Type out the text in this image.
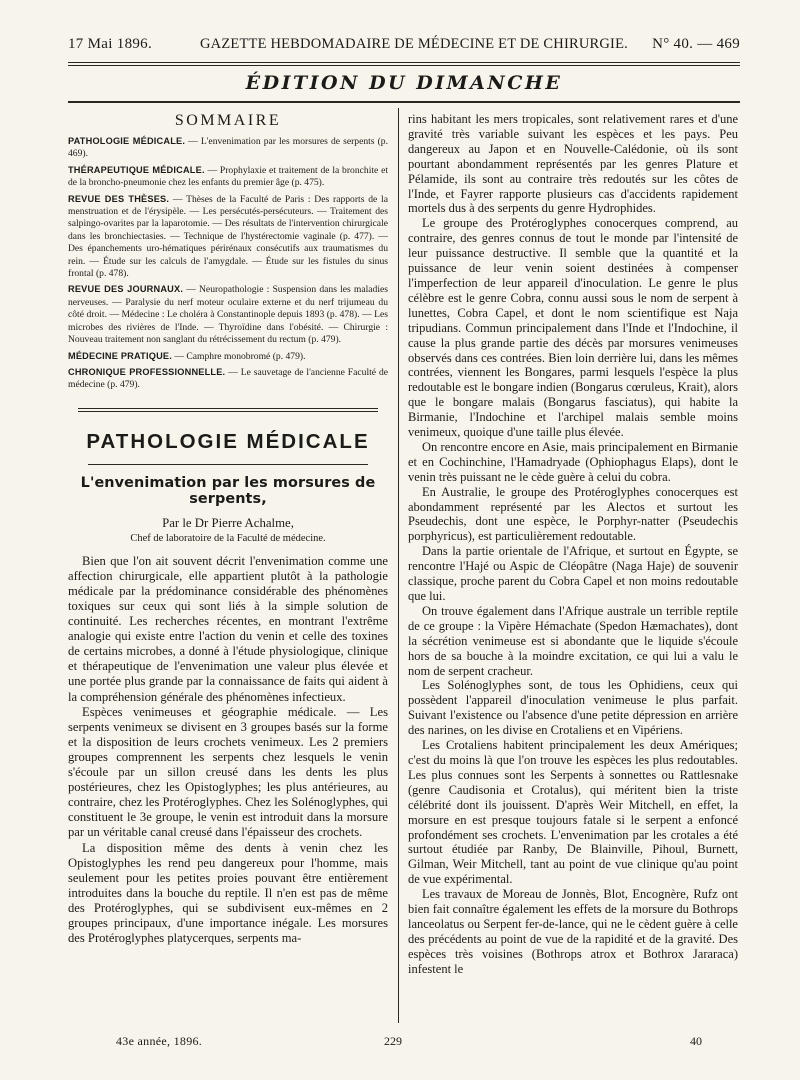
17 Mai 1896.	GAZETTE HEBDOMADAIRE DE MÉDECINE ET DE CHIRURGIE. N° 40. — 469
ÉDITION DU DIMANCHE
SOMMAIRE
PATHOLOGIE MÉDICALE. — L'envenimation par les morsures de serpents (p. 469).
THÉRAPEUTIQUE MÉDICALE. — Prophylaxie et traitement de la bronchite et de la broncho-pneumonie chez les enfants du premier âge (p. 475).
REVUE DES THÈSES. — Thèses de la Faculté de Paris : Des rapports de la menstruation et de l'érysipèle. — Les persécutés-persécuteurs. — Traitement des salpingo-ovarites par la laparotomie. — Des résultats de l'intervention chirurgicale dans les bronchiectasies. — Technique de l'hystérectomie vaginale (p. 477). — Des épanchements uro-hématiques périrénaux consécutifs aux traumatismes du rein. — Étude sur les calculs de l'amygdale. — Étude sur les fistules du sinus frontal (p. 478).
REVUE DES JOURNAUX. — Neuropathologie : Suspension dans les maladies nerveuses. — Paralysie du nerf moteur oculaire externe et du nerf trijumeau du côté droit. — Médecine : Le choléra à Constantinople depuis 1893 (p. 478). — Les microbes des rivières de l'Inde. — Thyroïdine dans l'obésité. — Chirurgie : Nouveau traitement non sanglant du rétrécissement du rectum (p. 479).
MÉDECINE PRATIQUE. — Camphre monobromé (p. 479).
CHRONIQUE PROFESSIONNELLE. — Le sauvetage de l'ancienne Faculté de médecine (p. 479).
PATHOLOGIE MÉDICALE
L'envenimation par les morsures de serpents,

Par le Dr Pierre Achalme,

Chef de laboratoire de la Faculté de médecine.

Bien que l'on ait souvent décrit l'envenimation comme une affection chirurgicale, elle appartient plutôt à la pathologie médicale par la prédominance considérable des phénomènes toxiques sur ceux qui sont liés à la simple solution de continuité. Les recherches récentes, en montrant l'extrême analogie qui existe entre l'action du venin et celle des toxines de certains microbes, a donné à l'étude physiologique, clinique et thérapeutique de l'envenimation une valeur plus élevée et une portée plus grande par la connaissance de faits qui aident à la compréhension générale des phénomènes infectieux.

Espèces venimeuses et géographie médicale. — Les serpents venimeux se divisent en 3 groupes basés sur la forme et la disposition de leurs crochets venimeux. Les 2 premiers groupes comprennent les serpents chez lesquels le venin s'écoule par un sillon creusé dans les dents les plus postérieures, chez les Opistoglyphes; les plus antérieures, au contraire, chez les Protéroglyphes. Chez les Solénoglyphes, qui constituent le 3e groupe, le venin est introduit dans la morsure par un véritable canal creusé dans l'épaisseur des crochets.

La disposition même des dents à venin chez les Opistoglyphes les rend peu dangereux pour l'homme, mais seulement pour les petites proies pouvant être entièrement introduites dans la bouche du reptile. Il n'en est pas de même des Protéroglyphes, qui se subdivisent eux-mêmes en 2 groupes principaux, d'une importance inégale. Les morsures des Protéroglyphes platycerques, serpents ma-

rins habitant les mers tropicales, sont relativement rares et d'une gravité très variable suivant les espèces et les pays. Peu dangereux au Japon et en Nouvelle-Calédonie, où ils sont pourtant abondamment représentés par les genres Plature et Pélamide, ils sont au contraire très redoutés sur les côtes de l'Inde, et Fayrer rapporte plusieurs cas d'accidents rapidement mortels dus à des serpents du genre Hydrophides.

Le groupe des Protéroglyphes conocerques comprend, au contraire, des genres connus de tout le monde par l'intensité de leur puissance destructive. Il semble que la quantité et la puissance de leur venin soient destinées à compenser l'imperfection de leur appareil d'inoculation. Le genre le plus célèbre est le genre Cobra, connu aussi sous le nom de serpent à lunettes, Cobra Capel, et dont le nom scientifique est Naja tripudians. Commun principalement dans l'Inde et l'Indochine, il cause la plus grande partie des décès par morsures venimeuses observés dans ces contrées. Bien loin derrière lui, dans les mêmes contrées, viennent les Bongares, parmi lesquels l'espèce la plus redoutable est le bongare indien (Bongarus cœruleus, Krait), alors que le bongare malais (Bongarus fasciatus), qui habite la Birmanie, l'Indochine et l'archipel malais semble moins venimeux, quoique d'une taille plus élevée.

On rencontre encore en Asie, mais principalement en Birmanie et en Cochinchine, l'Hamadryade (Ophiophagus Elaps), dont le venin très puissant ne le cède guère à celui du cobra.

En Australie, le groupe des Protéroglyphes conocerques est abondamment représenté par les Alectos et surtout les Pseudechis, dont une espèce, le Porphyr-natter (Pseudechis porphyricus), est particulièrement redoutable.

Dans la partie orientale de l'Afrique, et surtout en Égypte, se rencontre l'Hajé ou Aspic de Cléopâtre (Naga Haje) de souvenir classique, proche parent du Cobra Capel et non moins redoutable que lui.

On trouve également dans l'Afrique australe un terrible reptile de ce groupe : la Vipère Hémachate (Spedon Hæmachates), dont la sécrétion venimeuse est si abondante que le liquide s'écoule hors de sa bouche à la moindre excitation, ce qui lui a valu le nom de serpent cracheur.

Les Solénoglyphes sont, de tous les Ophidiens, ceux qui possèdent l'appareil d'inoculation venimeuse le plus parfait. Suivant l'existence ou l'absence d'une petite dépression en arrière des narines, on les divise en Crotaliens et en Vipériens.

Les Crotaliens habitent principalement les deux Amériques; c'est du moins là que l'on trouve les espèces les plus redoutables. Les plus connues sont les Serpents à sonnettes ou Rattlesnake (genre Caudisonia et Crotalus), qui méritent bien la triste célébrité dont ils jouissent. D'après Weir Mitchell, en effet, la morsure en est presque toujours fatale si le serpent a enfoncé profondément ses crochets. L'envenimation par les crotales a été surtout étudiée par Ranby, De Blainville, Pihoul, Burnett, Gilman, Weir Mitchell, tant au point de vue clinique qu'au point de vue expérimental.

Les travaux de Moreau de Jonnès, Blot, Encognère, Rufz ont bien fait connaître également les effets de la morsure du Bothrops lanceolatus ou Serpent fer-de-lance, qui ne le cèdent guère à celle des précédents au point de vue de la rapidité et de la gravité. Des espèces très voisines (Bothrops atrox et Bothrox Jararaca) infestent le

43e année, 1896.	229	40
